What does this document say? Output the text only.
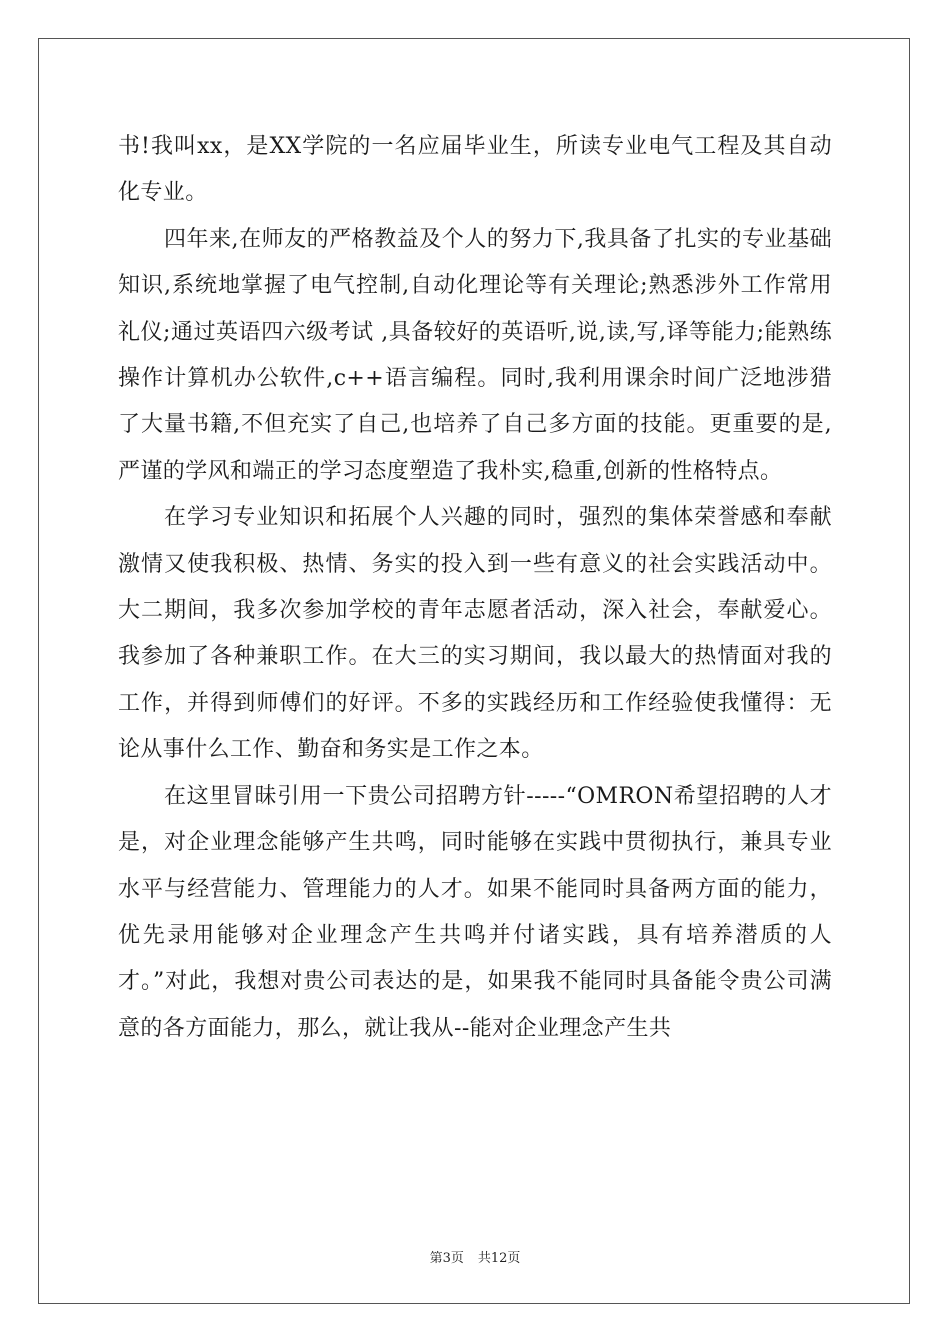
书!我叫xx，是XX学院的一名应届毕业生，所读专业电气工程及其自动化专业。

四年来,在师友的严格教益及个人的努力下,我具备了扎实的专业基础知识,系统地掌握了电气控制,自动化理论等有关理论;熟悉涉外工作常用礼仪;通过英语四六级考试 ,具备较好的英语听,说,读,写,译等能力;能熟练操作计算机办公软件,c++语言编程。同时,我利用课余时间广泛地涉猎了大量书籍,不但充实了自己,也培养了自己多方面的技能。更重要的是,严谨的学风和端正的学习态度塑造了我朴实,稳重,创新的性格特点。

在学习专业知识和拓展个人兴趣的同时，强烈的集体荣誉感和奉献激情又使我积极、热情、务实的投入到一些有意义的社会实践活动中。大二期间，我多次参加学校的青年志愿者活动，深入社会，奉献爱心。我参加了各种兼职工作。在大三的实习期间，我以最大的热情面对我的工作，并得到师傅们的好评。不多的实践经历和工作经验使我懂得：无论从事什么工作、勤奋和务实是工作之本。

在这里冒昧引用一下贵公司招聘方针-----“OMRON希望招聘的人才是，对企业理念能够产生共鸣，同时能够在实践中贯彻执行，兼具专业水平与经营能力、管理能力的人才。如果不能同时具备两方面的能力，优先录用能够对企业理念产生共鸣并付诸实践，具有培养潜质的人才。”对此，我想对贵公司表达的是，如果我不能同时具备能令贵公司满意的各方面能力，那么，就让我从--能对企业理念产生共

第3页 共12页
